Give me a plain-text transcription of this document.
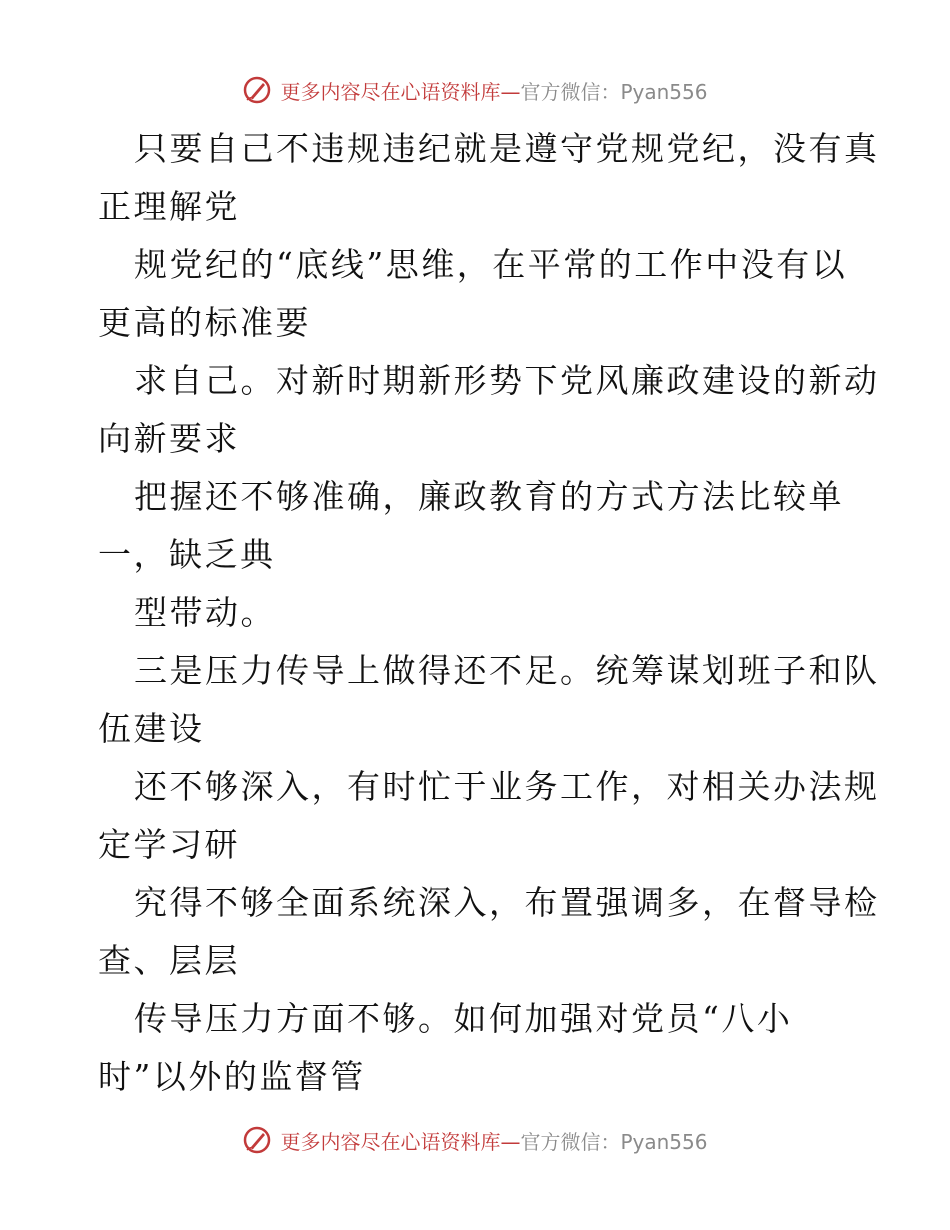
更多内容尽在心语资料库—官方微信：Pyan556
只要自己不违规违纪就是遵守党规党纪，没有真
正理解党
规党纪的“底线”思维，在平常的工作中没有以
更高的标准要
求自己。对新时期新形势下党风廉政建设的新动
向新要求
把握还不够准确，廉政教育的方式方法比较单
一，缺乏典
型带动。
三是压力传导上做得还不足。统筹谋划班子和队
伍建设
还不够深入，有时忙于业务工作，对相关办法规
定学习研
究得不够全面系统深入，布置强调多，在督导检
查、层层
传导压力方面不够。如何加强对党员“八小
时”以外的监督管
更多内容尽在心语资料库—官方微信：Pyan556
